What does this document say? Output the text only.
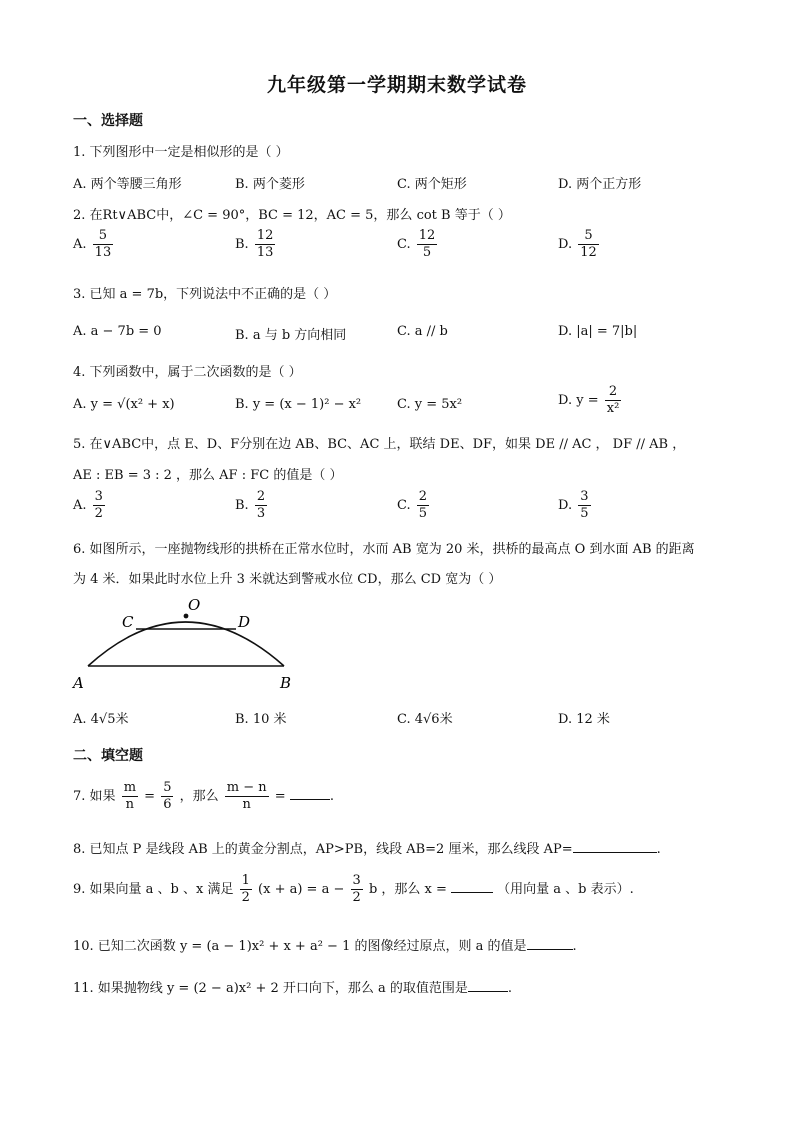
九年级第一学期期末数学试卷
一、选择题
1. 下列图形中一定是相似形的是（ ）
A. 两个等腰三角形	B. 两个菱形	C. 两个矩形	D. 两个正方形
2. 在Rt∨ABC中，∠C = 90°，BC = 12，AC = 5，那么 cot B 等于（ ）
A. $\frac{5}{13}$	B. $\frac{12}{13}$	C. $\frac{12}{5}$	D. $\frac{5}{12}$
3. 已知 a = 7b，下列说法中不正确的是（ ）
A. a − 7b = 0	B. a 与 b 方向相同	C. a // b	D. |a| = 7|b|
4. 下列函数中，属于二次函数的是（ ）
A. y = √(x² + x)	B. y = (x − 1)² − x²	C. y = 5x²	D. $y = \frac{2}{\text{x²}}$
5. 在∨ABC中，点 E、D、F分别在边 AB、BC、AC 上，联结 DE、DF，如果 DE // AC ， DF // AB ，
AE : EB = 3 : 2 ，那么 AF : FC 的值是（ ）
A. $\frac{3}{2}$	B. $\frac{2}{3}$	C. $\frac{2}{5}$	D. $\frac{3}{5}$
6. 如图所示，一座抛物线形的拱桥在正常水位时，水而 AB 宽为 20 米，拱桥的最高点 O 到水面 AB 的距离
为 4 米．如果此时水位上升 3 米就达到警戒水位 CD，那么 CD 宽为（ ）
A	B
C	D
O
A. 4√5米	B. 10 米	C. 4√6米	D. 12 米
二、填空题
7. 如果 $\frac{m}{n} = \frac{5}{6}$ ，那么 $\frac{m - n}{n}$ =	.
8. 已知点 P 是线段 AB 上的黄金分割点，AP>PB，线段 AB=2 厘米，那么线段 AP=	.
9. 如果向量 a 、b 、x 满足 $\frac{1}{2} (x + a) = a - \frac{3}{2}$ b ，那么 x =	（用向量 a 、b 表示）.
10. 已知二次函数 y = (a − 1)x² + x + a² − 1 的图像经过原点，则 a 的值是	.
11. 如果抛物线 y = (2 − a)x² + 2 开口向下，那么 a 的取值范围是	.
